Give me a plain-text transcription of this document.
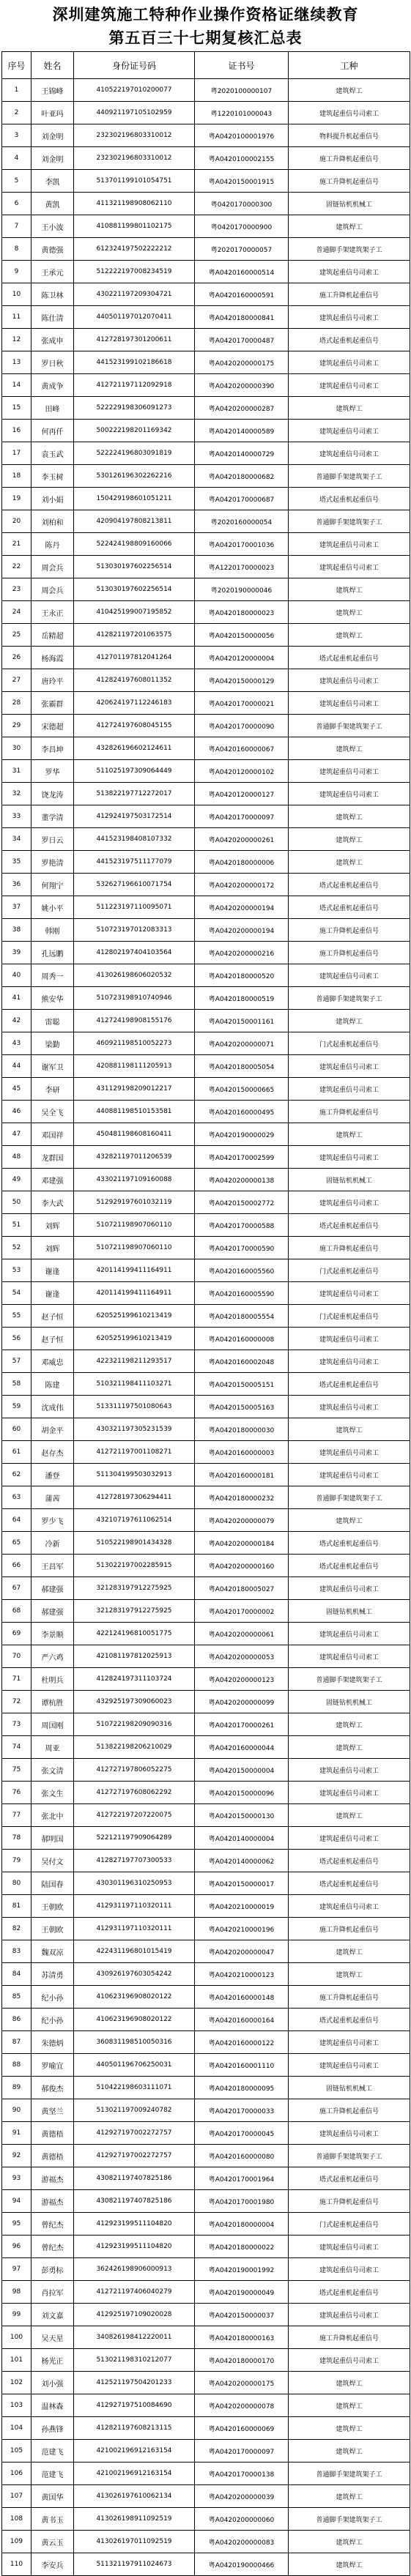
深圳建筑施工特种作业操作资格证继续教育
第五百三十七期复核汇总表
序号	姓名	身份证号码	证书号	工种
1	王锦峰	410522197010200077	粤2020100000107	建筑焊工
2	叶亚玛	440921197105102959	粤1220101000043	建筑起重信号司索工
3	刘金明	232302196803310012	粤A0420100001976	物料提升机起重信号
4	刘金明	232302196803310012	粤A0420100002155	施工升降机起重信号
5	李凯	513701199101054751	粤A0420150001915	施工升降机起重信号
6	黄凯	411321198908062110	粤0420170000300	固链钻机机械工
7	王小波	410881199801102175	粤0420170000900	建筑焊工
8	黄德强	612324197502222212	粤2020170000057	普通脚手架建筑架子工
9	王承元	512222197008234519	粤A0420160000514	建筑起重信号司索工
10	陈卫林	430221197209304721	粤A0420160000591	施工升降机起重信号
11	陈仕清	440501197012070411	粤A0420180000841	建筑起重信号司索工
12	张成申	412728197301200611	粤A0420170000487	塔式起重机起重信号
13	罗日秋	441523199102186618	粤A0420200000175	建筑起重信号司索工
14	黄成争	412721197112092918	粤A0420200000390	建筑起重信号司索工
15	田峰	522229198306091273	粤A0420200000287	建筑焊工
16	何再仟	500222198201169342	粤A0420140000589	建筑起重信号司索工
17	袁玉武	522224196803091819	粤A0420140000729	建筑起重信号司索工
18	李玉树	530126196302262216	粤A0420180000682	普通脚手架建筑架子工
19	刘小娟	150429198601051211	粤A0420170000687	塔式起重机起重信号
20	刘柏和	420904197808213811	粤2020160000054	普通脚手架建筑架子工
21	陈丹	522424198809160066	粤A0420170001036	建筑起重信号司索工
22	周会兵	513030197602256514	粤A1220170000023	建筑起重信号司索工
23	周会兵	513030197602256514	粤2020190000046	建筑焊工
24	王永正	410425199007195852	粤A0420180000023	建筑焊工
25	岳精超	412821197201063575	粤A0420150000056	建筑焊工
26	杨海霞	412701197812041264	粤A0420120000004	塔式起重机起重信号
27	唐玲平	412824197608011352	粤A0420150000129	建筑起重信号司索工
28	张霸群	420624197112246183	粤A0420170000021	建筑起重信号司索工
29	宋德超	412724197608045155	粤A0420170000090	普通脚手架建筑架子工
30	李昌坤	432826196602124611	粤A0420160000067	建筑焊工
31	罗华	511025197309064449	粤A0420120000102	建筑起重信号司索工
32	饶龙涛	513822197712272017	粤A0420120000127	建筑起重信号司索工
33	董学清	412924197503172514	粤A0420170000097	建筑焊工
34	罗日云	441523198408107332	粤A0420200000261	建筑焊工
35	罗艳清	441523197511177079	粤A0420180000006	建筑焊工
36	何翔宁	532627196610071754	粤A0420200000172	塔式起重机起重信号
37	姚小平	511223197110095071	粤A0420200000194	塔式起重机起重信号
38	韩刚	510723197012083313	粤A0420200000194	施工升降机起重信号
39	孔远鹏	412802197404103564	粤A0420200000216	施工升降机起重信号
40	周秀一	413026198606020532	粤A0420180000520	建筑起重信号司索工
41	熊安华	510723198910740946	粤A0420180000519	普通脚手架建筑架子工
42	雷聪	412724198908155176	粤A0420150001161	建筑焊工
43	梁勤	460921198510052273	粤A0420200000071	门式起重机起重信号
44	谢军卫	420881198111205913	粤A0420180005054	建筑起重信号司索工
45	李研	431129198209012217	粤A0420150000665	建筑起重信号司索工
46	吴全飞	440881198510153581	粤A0420160000495	施工升降机起重信号
47	邓国祥	450481198608160411	粤A0420190000029	建筑焊工
48	龙群国	432821197011206539	粤A0420170002599	建筑起重信号司索工
49	邓建强	433021197109160088	粤A0420200000138	固链钻机机械工
50	李大武	512929197601032119	粤A0420150002772	建筑起重信号司索工
51	刘辉	510721198907060110	粤A0420170000588	塔式起重机起重信号
52	刘辉	510721198907060110	粤A0420170000590	施工升降机起重信号
53	谢逢	420114199411164911	粤A0420160005560	门式起重机起重信号
54	谢逢	420114199411164911	粤A0420160005590	建筑起重信号司索工
55	赵子恒	620525199610213419	粤A0420180005554	门式起重机起重信号
56	赵子恒	620525199610213419	粤A0420160000008	建筑起重信号司索工
57	邓威忠	422321198211293517	粤A0420160002048	建筑起重信号司索工
58	陈建	510321198411103271	粤A0420150005151	塔式起重机起重信号
59	沈成伟	513311197501080643	粤A0420150005163	建筑起重信号司索工
60	胡金平	430321197305231539	粤A0420180000030	建筑焊工
61	赵存杰	412721197001108271	粤A0420160000003	建筑起重信号司索工
62	潘登	511304199503032913	粤A0420160000181	建筑起重信号司索工
63	蒲茜	412728197306294411	粤A0420180000232	普通脚手架建筑架子工
64	罗少飞	432107197611062514	粤A0420200000079	建筑焊工
65	冷新	510522198901434328	粤A0420200000184	塔式起重机起重信号
66	王昌军	513022197002285915	粤A0420200000160	塔式起重机起重信号
67	郝建强	321283197912275925	粤A0420180005027	建筑起重信号司索工
68	郝建强	321283197912275925	粤A0420170000002	固链钻机机械工
69	李景顺	422124196810051775	粤A0420200000061	建筑起重信号司索工
70	严六鸡	421081197812025913	粤A0420200000053	建筑起重信号司索工
71	杜明兵	412824197311103724	粤A0420200000123	普通脚手架建筑架子工
72	谭杭胜	432925197309060023	粤A0420200000099	固链钻机机械工
73	周国刚	510722198209090316	粤A0420170000261	建筑焊工
74	周亚	513822198206210029	粤A0420160000044	建筑焊工
75	张文清	412727197806052275	粤A0420150000004	建筑起重信号司索工
76	张文生	412727197608062292	粤A0420150000096	建筑起重信号司索工
77	张北中	412722197207220075	粤A0420150000130	建筑焊工
78	郝明国	522121197909064289	粤A0420140000004	建筑起重信号司索工
79	吴付文	412827197707300533	粤A0420140000062	塔式起重机起重信号
80	陆国春	430301196310250953	粤A0420150000017	塔式起重机起重信号
81	王朝欧	412931197110320111	粤A0420210000019	建筑起重信号司索工
82	王朝欧	412931197110320111	粤A0420210000196	施工升降机起重信号
83	魏双凉	422431196801015419	粤A0420200000047	建筑焊工
84	苏清勇	430926197603054242	粤A0420210000123	建筑焊工
85	纪小孙	410623196908020122	粤A0420160000148	施工升降机起重信号
86	纪小孙	410623196908020122	粤A0420160000164	塔式起重机起重信号
87	朱德炳	360831198510050316	粤A0420160000122	建筑起重信号司索工
88	罗喻宜	440501196706250031	粤A0420160001110	建筑起重信号司索工
89	郝俊杰	510422198603111071	粤A0420180000095	固链钻机机械工
90	黄坚兰	513021197009240782	粤A0420170000033	施工升降机起重信号
91	黄德梧	412927197002272757	粤A0420170000045	建筑起重信号司索工
92	黄德梧	412927197002272757	粤A0420160000080	普通脚手架建筑架子工
93	游福杰	430821197407825186	粤A0420170001964	塔式起重机起重信号
94	游福杰	430821197407825186	粤A0420170001980	施工升降机起重信号
95	曾纪杰	412923199511104820	粤A0420180000004	门式起重机起重信号
96	曾纪杰	412923199511104820	粤A0420180000022	建筑起重信号司索工
97	彭勇标	362426198906000913	粤A0420190001992	建筑起重信号司索工
98	肖拉军	412721197406040279	粤A0420190000049	塔式起重机起重信号
99	刘文嘉	412925197109020028	粤A0420150000037	建筑起重信号司索工
100	吴天星	340826198412220011	粤A0420180000163	施工升降机起重信号
101	杨光正	513021198310212077	粤A0420180000170	建筑起重信号司索工
102	刘小强	412521197504201233	粤A0420200000175	建筑焊工
103	温林森	412927197510084690	粤A0420200000078	建筑焊工
104	孙燕锋	412821197608213115	粤A0420160000069	建筑焊工
105	范建飞	421002196912163154	粤A0420170000097	建筑焊工
106	范建飞	421002196912163154	粤A0420170000138	普通脚手架建筑架子工
107	黄国华	413026197610062134	粤A0420200000039	建筑焊工
108	黄书玉	413026198911092519	粤A0420200000060	普通脚手架建筑架子工
109	黄云玉	413026197011092519	粤A0420200000083	建筑焊工
110	李安兵	511321197911024673	粤A0420190000466	建筑焊工
